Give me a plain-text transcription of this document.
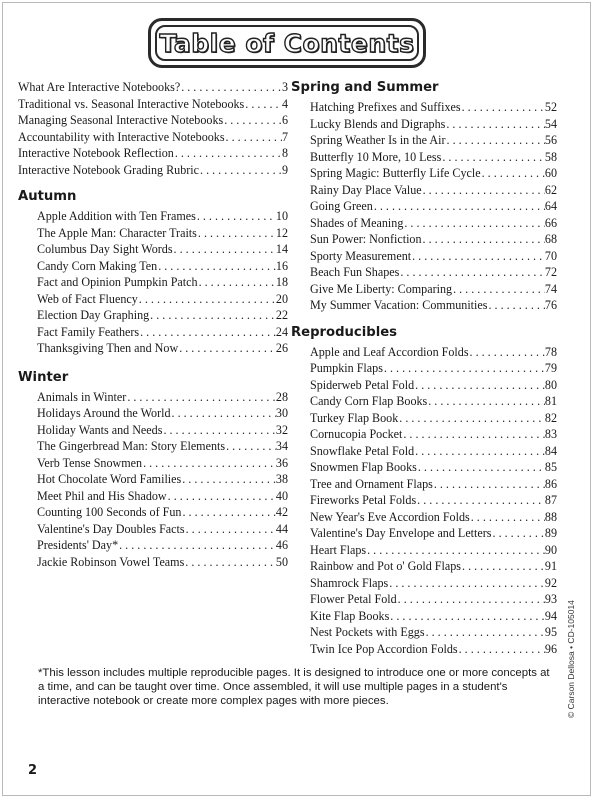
Table of Contents
What Are Interactive Notebooks? . . .	3
Traditional vs. Seasonal Interactive Notebooks . . .	4
Managing Seasonal Interactive Notebooks . . .	6
Accountability with Interactive Notebooks . . .	7
Interactive Notebook Reflection . . .	8
Interactive Notebook Grading Rubric . . .	9
Autumn
Apple Addition with Ten Frames . . .	10
The Apple Man: Character Traits . . .	12
Columbus Day Sight Words . . .	14
Candy Corn Making Ten . . .	16
Fact and Opinion Pumpkin Patch . . .	18
Web of Fact Fluency . . .	20
Election Day Graphing . . .	22
Fact Family Feathers . . .	24
Thanksgiving Then and Now . . .	26
Winter
Animals in Winter . . .	28
Holidays Around the World . . .	30
Holiday Wants and Needs . . .	32
The Gingerbread Man: Story Elements . . .	34
Verb Tense Snowmen . . .	36
Hot Chocolate Word Families . . .	38
Meet Phil and His Shadow . . .	40
Counting 100 Seconds of Fun . . .	42
Valentine's Day Doubles Facts . . .	44
Presidents' Day* . . .	46
Jackie Robinson Vowel Teams . . .	50
Spring and Summer
Hatching Prefixes and Suffixes . . .	52
Lucky Blends and Digraphs . . .	54
Spring Weather Is in the Air . . .	56
Butterfly 10 More, 10 Less . . .	58
Spring Magic: Butterfly Life Cycle . . .	60
Rainy Day Place Value . . .	62
Going Green . . .	64
Shades of Meaning . . .	66
Sun Power: Nonfiction . . .	68
Sporty Measurement . . .	70
Beach Fun Shapes . . .	72
Give Me Liberty: Comparing . . .	74
My Summer Vacation: Communities . . .	76
Reproducibles
Apple and Leaf Accordion Folds . . .	78
Pumpkin Flaps . . .	79
Spiderweb Petal Fold . . .	80
Candy Corn Flap Books . . .	81
Turkey Flap Book . . .	82
Cornucopia Pocket . . .	83
Snowflake Petal Fold . . .	84
Snowmen Flap Books . . .	85
Tree and Ornament Flaps . . .	86
Fireworks Petal Folds . . .	87
New Year's Eve Accordion Folds . . .	88
Valentine's Day Envelope and Letters . . .	89
Heart Flaps . . .	90
Rainbow and Pot o' Gold Flaps . . .	91
Shamrock Flaps . . .	92
Flower Petal Fold . . .	93
Kite Flap Books . . .	94
Nest Pockets with Eggs . . .	95
Twin Ice Pop Accordion Folds . . .	96
*This lesson includes multiple reproducible pages. It is designed to introduce one or more concepts at a time, and can be taught over time. Once assembled, it will use multiple pages in a student's interactive notebook or create more complex pages with more pieces.
2
© Carson Dellosa • CD-105014
